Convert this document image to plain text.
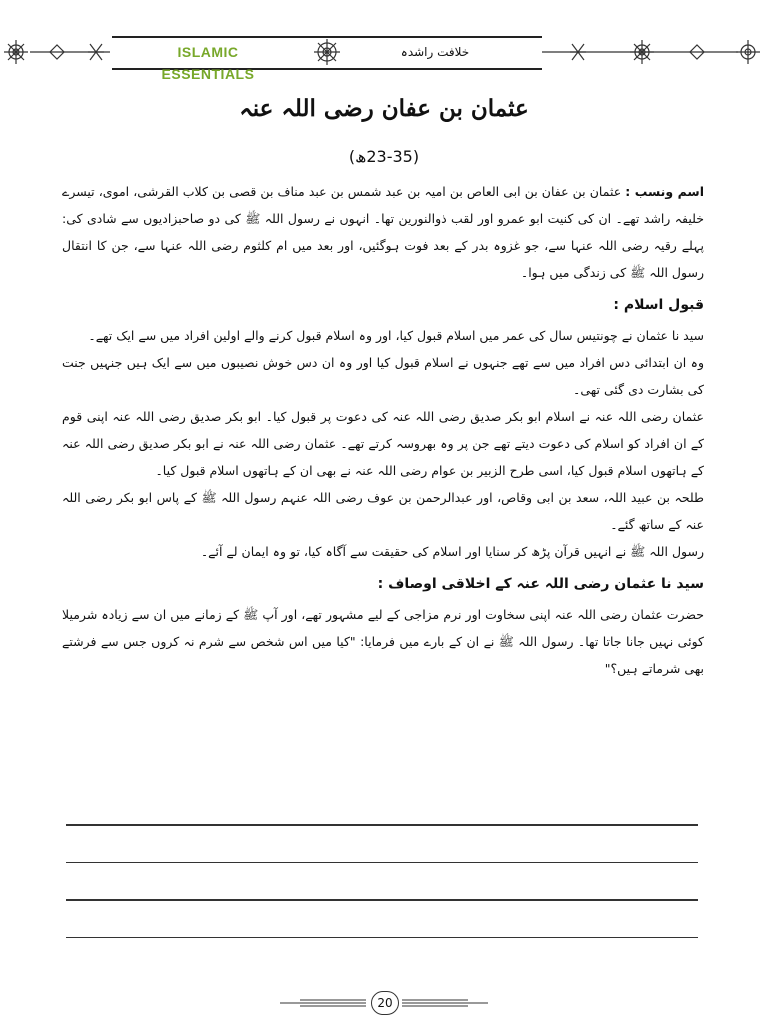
ISLAMIC ESSENTIALS
خلافت راشدہ
عثمان بن عفان رضی اللہ عنہ
(23-35ھ)

اسم ونسب : عثمان بن عفان بن ابی العاص بن امیہ بن عبد شمس بن عبد مناف بن قصی بن کلاب القرشی، اموی، تیسرے خلیفہ راشد تھے۔ ان کی کنیت ابو عمرو اور لقب ذوالنورین تھا۔ انہوں نے رسول اللہ ﷺ کی دو صاحبزادیوں سے شادی کی: پہلے رقیہ رضی اللہ عنہا سے، جو غزوہ بدر کے بعد فوت ہوگئیں، اور بعد میں ام کلثوم رضی اللہ عنہا سے، جن کا انتقال رسول اللہ ﷺ کی زندگی میں ہوا۔

قبول اسلام :

سید نا عثمان نے چونتیس سال کی عمر میں اسلام قبول کیا، اور وہ اسلام قبول کرنے والے اولین افراد میں سے ایک تھے۔

وہ ان ابتدائی دس افراد میں سے تھے جنہوں نے اسلام قبول کیا اور وہ ان دس خوش نصیبوں میں سے ایک ہیں جنہیں جنت کی بشارت دی گئی تھی۔

عثمان رضی اللہ عنہ نے اسلام ابو بکر صدیق رضی اللہ عنہ کی دعوت پر قبول کیا۔ ابو بکر صدیق رضی اللہ عنہ اپنی قوم کے ان افراد کو اسلام کی دعوت دیتے تھے جن پر وہ بھروسہ کرتے تھے۔ عثمان رضی اللہ عنہ نے ابو بکر صدیق رضی اللہ عنہ کے ہاتھوں اسلام قبول کیا، اسی طرح الزبیر بن عوام رضی اللہ عنہ نے بھی ان کے ہاتھوں اسلام قبول کیا۔

طلحہ بن عبید اللہ، سعد بن ابی وقاص، اور عبدالرحمن بن عوف رضی اللہ عنہم رسول اللہ ﷺ کے پاس ابو بکر رضی اللہ عنہ کے ساتھ گئے۔

رسول اللہ ﷺ نے انہیں قرآن پڑھ کر سنایا اور اسلام کی حقیقت سے آگاہ کیا، تو وہ ایمان لے آئے۔

سید نا عثمان رضی اللہ عنہ کے اخلاقی اوصاف :

حضرت عثمان رضی اللہ عنہ اپنی سخاوت اور نرم مزاجی کے لیے مشہور تھے، اور آپ ﷺ کے زمانے میں ان سے زیادہ شرمیلا کوئی نہیں جانا جاتا تھا۔ رسول اللہ ﷺ نے ان کے بارے میں فرمایا: "کیا میں اس شخص سے شرم نہ کروں جس سے فرشتے بھی شرماتے ہیں؟"

20
